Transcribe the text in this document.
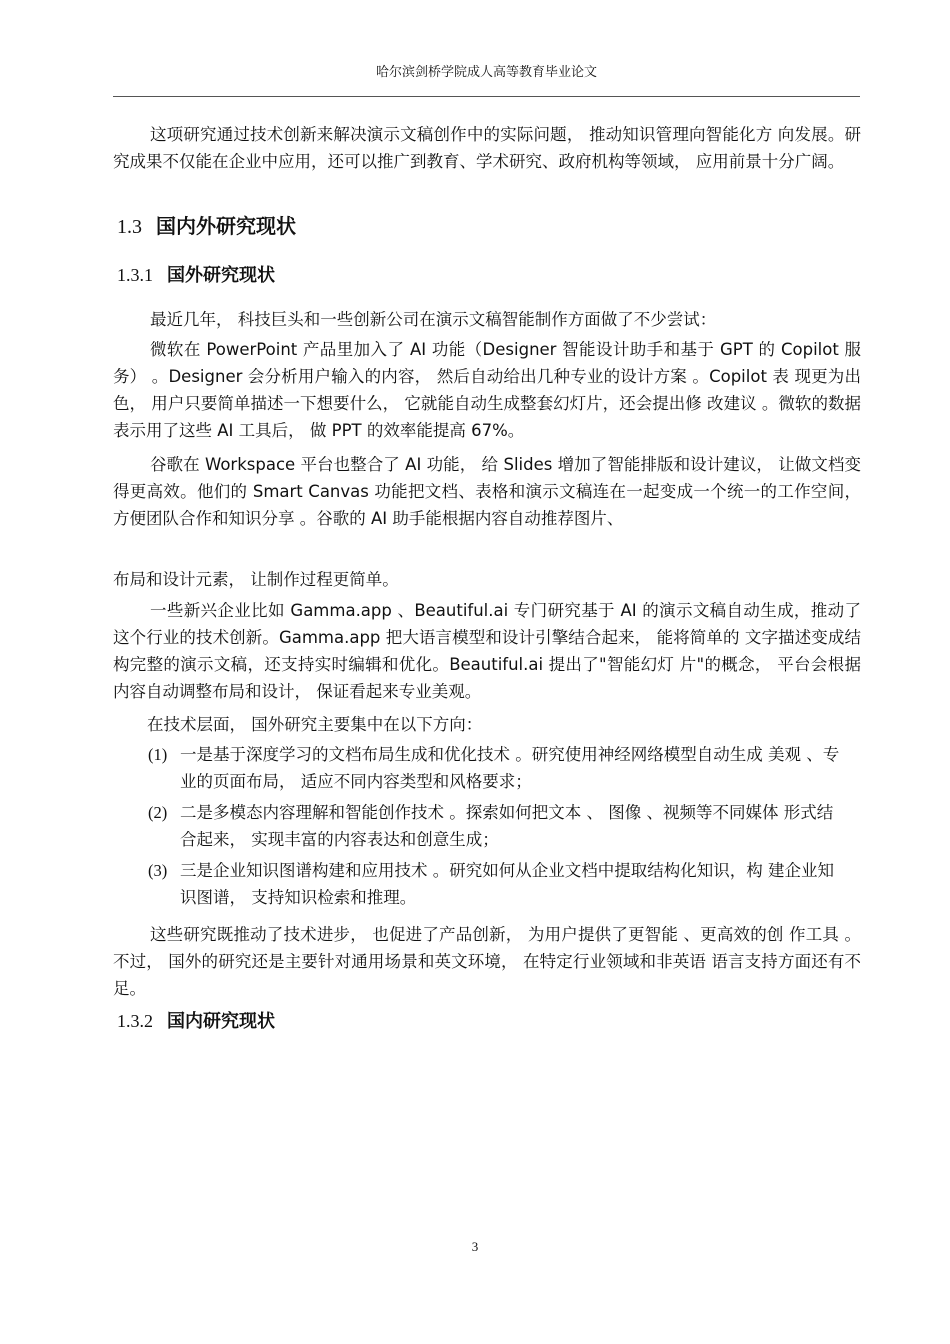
哈尔滨剑桥学院成人高等教育毕业论文

这项研究通过技术创新来解决演示文稿创作中的实际问题， 推动知识管理向智能化方 向发展。研究成果不仅能在企业中应用，还可以推广到教育、学术研究、政府机构等领域， 应用前景十分广阔。

1.3 国内外研究现状
1.3.1 国外研究现状

最近几年， 科技巨头和一些创新公司在演示文稿智能制作方面做了不少尝试：

微软在 PowerPoint 产品里加入了 AI 功能（Designer 智能设计助手和基于 GPT 的 Copilot 服务） 。Designer 会分析用户输入的内容， 然后自动给出几种专业的设计方案 。Copilot 表 现更为出色， 用户只要简单描述一下想要什么， 它就能自动生成整套幻灯片，还会提出修 改建议 。微软的数据表示用了这些 AI 工具后， 做 PPT 的效率能提高 67%。

谷歌在 Workspace 平台也整合了 AI 功能， 给 Slides 增加了智能排版和设计建议， 让做文档变得更高效。他们的 Smart Canvas 功能把文档、表格和演示文稿连在一起变成一个统一的工作空间， 方便团队合作和知识分享 。谷歌的 AI 助手能根据内容自动推荐图片、

布局和设计元素， 让制作过程更简单。

一些新兴企业比如 Gamma.app 、Beautiful.ai 专门研究基于 AI 的演示文稿自动生成，推动了这个行业的技术创新。Gamma.app 把大语言模型和设计引擎结合起来， 能将简单的 文字描述变成结构完整的演示文稿，还支持实时编辑和优化。Beautiful.ai 提出了"智能幻灯 片"的概念， 平台会根据内容自动调整布局和设计， 保证看起来专业美观。

在技术层面， 国外研究主要集中在以下方向：

(1) 一是基于深度学习的文档布局生成和优化技术 。研究使用神经网络模型自动生成 美观 、专业的页面布局， 适应不同内容类型和风格要求；
(2) 二是多模态内容理解和智能创作技术 。探索如何把文本 、 图像 、视频等不同媒体 形式结合起来， 实现丰富的内容表达和创意生成；
(3) 三是企业知识图谱构建和应用技术 。研究如何从企业文档中提取结构化知识，构 建企业知识图谱， 支持知识检索和推理。

这些研究既推动了技术进步， 也促进了产品创新， 为用户提供了更智能 、更高效的创 作工具 。不过， 国外的研究还是主要针对通用场景和英文环境， 在特定行业领域和非英语 语言支持方面还有不足。

1.3.2 国内研究现状
3
